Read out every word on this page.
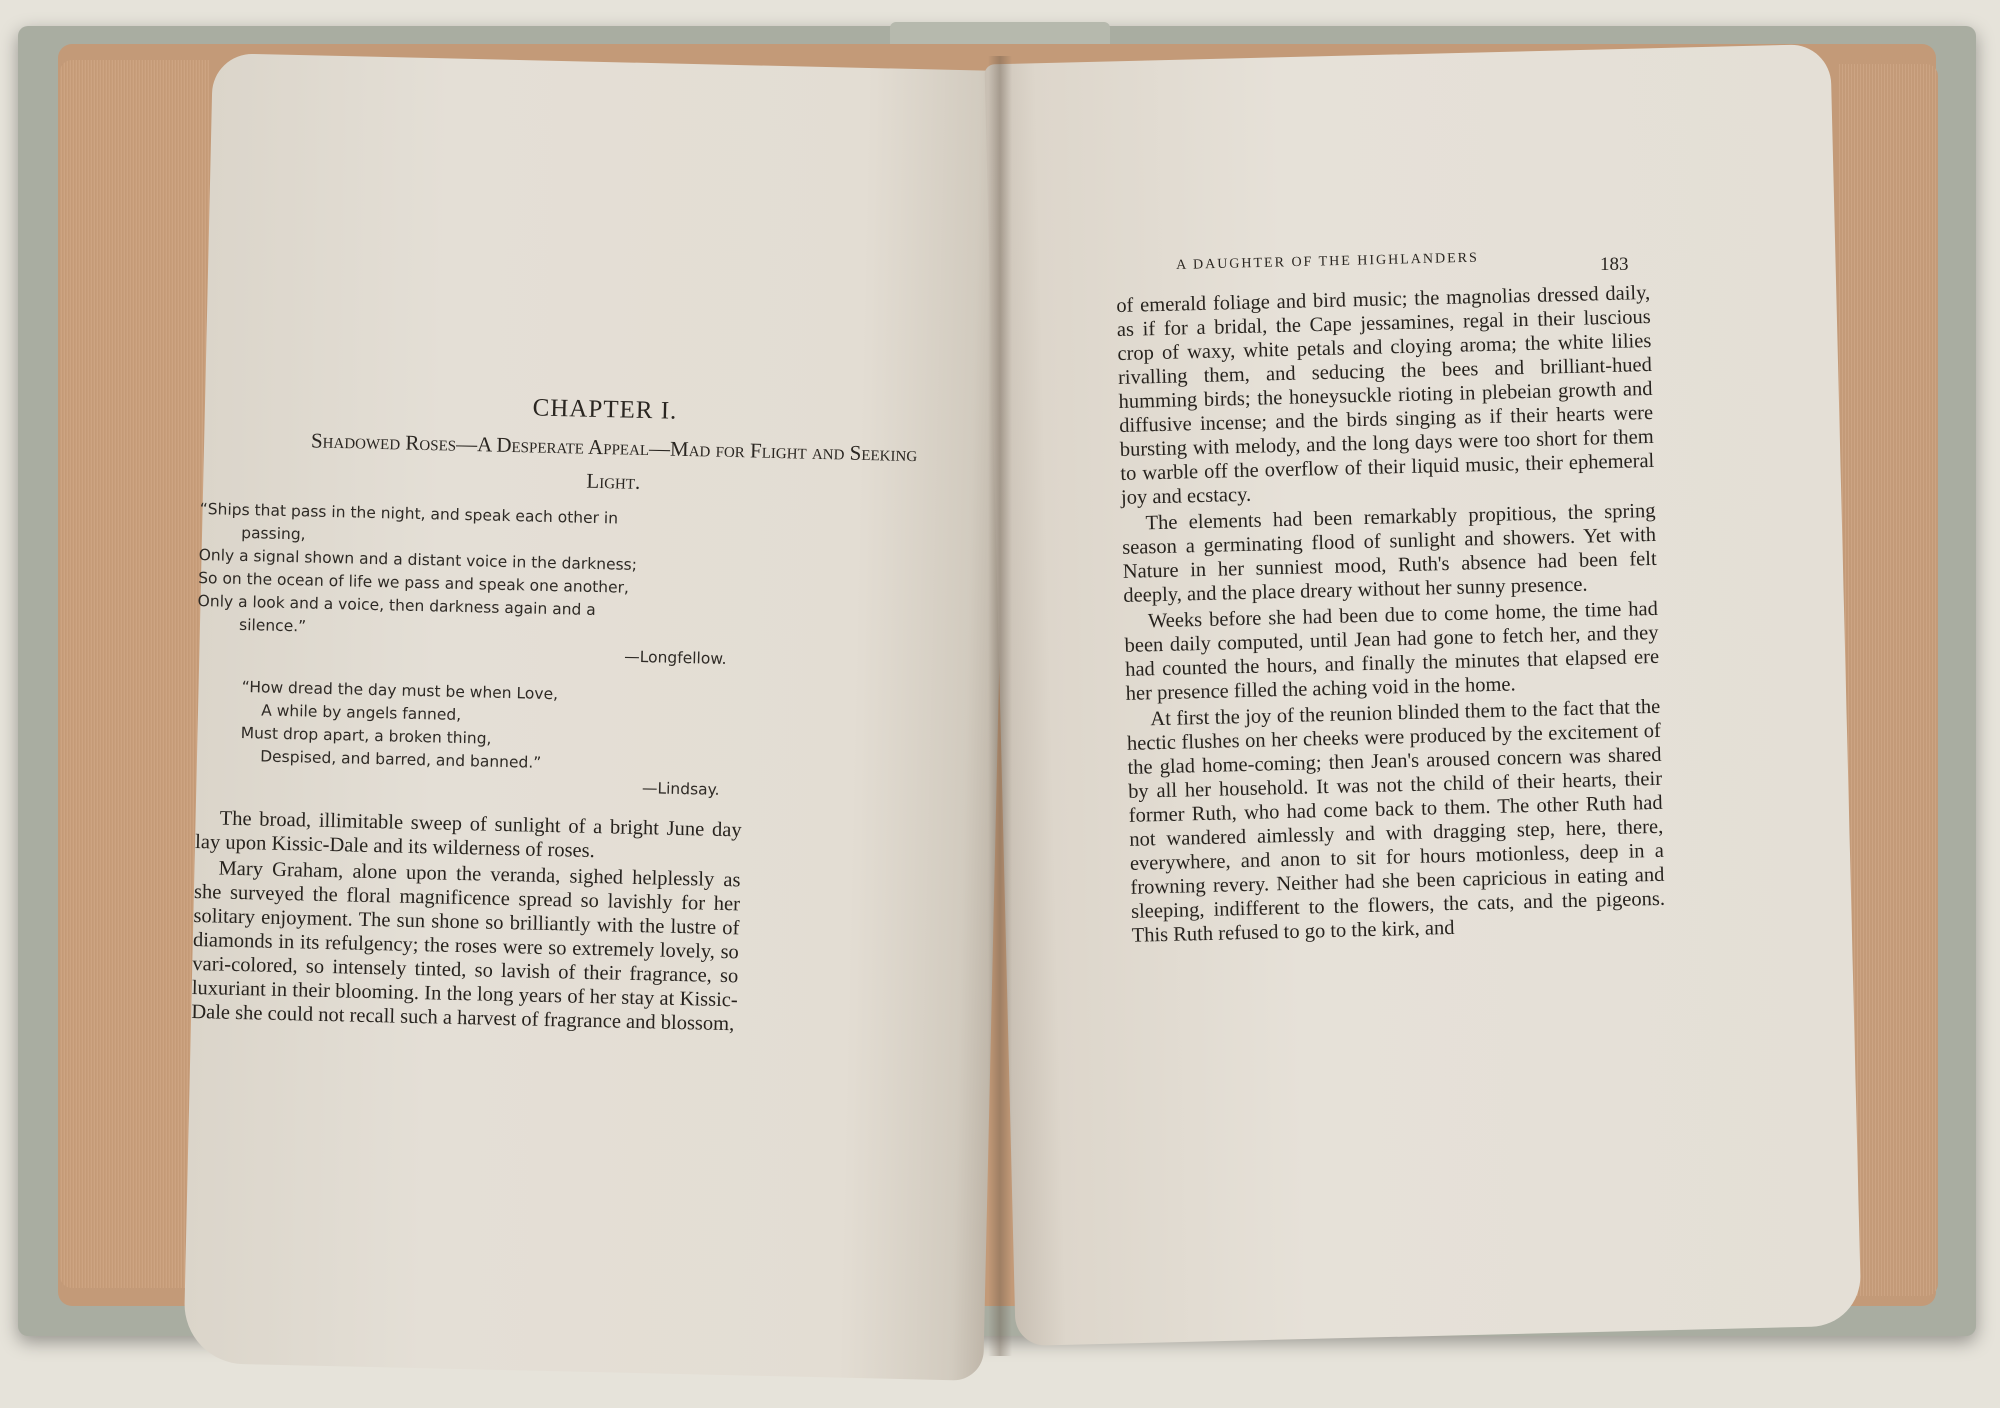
CHAPTER I.
Shadowed Roses—A Desperate Appeal—Mad for Flight and Seeking Light.
“Ships that pass in the night, and speak each other in
passing,
Only a signal shown and a distant voice in the darkness;
So on the ocean of life we pass and speak one another,
Only a look and a voice, then darkness again and a
silence.”
—Longfellow.
“How dread the day must be when Love,
A while by angels fanned,
Must drop apart, a broken thing,
Despised, and barred, and banned.”
—Lindsay.

The broad, illimitable sweep of sunlight of a bright June day lay upon Kissic-Dale and its wilderness of roses.

Mary Graham, alone upon the veranda, sighed helplessly as she surveyed the floral magnificence spread so lavishly for her solitary enjoyment. The sun shone so brilliantly with the lustre of diamonds in its refulgency; the roses were so extremely lovely, so vari-colored, so intensely tinted, so lavish of their fragrance, so luxuriant in their blooming. In the long years of her stay at Kissic-Dale she could not recall such a harvest of fragrance and blossom,

A DAUGHTER OF THE HIGHLANDERS	183

of emerald foliage and bird music; the magnolias dressed daily, as if for a bridal, the Cape jessamines, regal in their luscious crop of waxy, white petals and cloying aroma; the white lilies rivalling them, and seducing the bees and brilliant-hued humming birds; the honeysuckle rioting in plebeian growth and diffusive incense; and the birds singing as if their hearts were bursting with melody, and the long days were too short for them to warble off the overflow of their liquid music, their ephemeral joy and ecstacy.

The elements had been remarkably propitious, the spring season a germinating flood of sunlight and showers. Yet with Nature in her sunniest mood, Ruth's absence had been felt deeply, and the place dreary without her sunny presence.

Weeks before she had been due to come home, the time had been daily computed, until Jean had gone to fetch her, and they had counted the hours, and finally the minutes that elapsed ere her presence filled the aching void in the home.

At first the joy of the reunion blinded them to the fact that the hectic flushes on her cheeks were produced by the excitement of the glad home-coming; then Jean's aroused concern was shared by all her household. It was not the child of their hearts, their former Ruth, who had come back to them. The other Ruth had not wandered aimlessly and with dragging step, here, there, everywhere, and anon to sit for hours motionless, deep in a frowning revery. Neither had she been capricious in eating and sleeping, indifferent to the flowers, the cats, and the pigeons. This Ruth refused to go to the kirk, and
